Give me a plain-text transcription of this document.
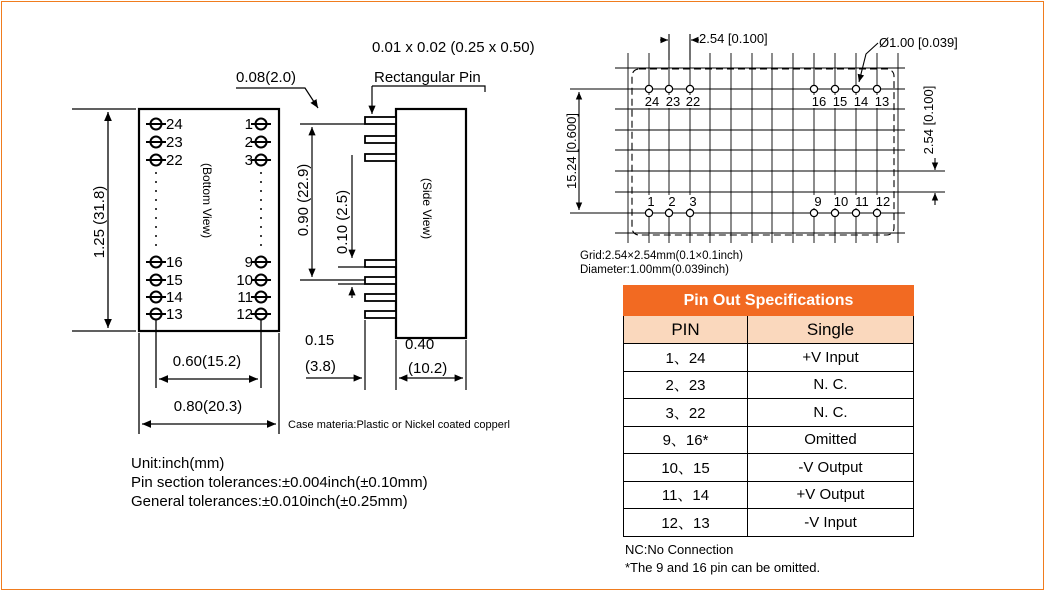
24
23
22
16
15
14
13
1
2
3
9
10
11
12
(Bottom View)
1.25 (31.8)
0.60(15.2)
0.80(20.3)
(Side View)
0.01 x 0.02 (0.25 x 0.50)
Rectangular Pin
0.08(2.0)
0.90 (22.9) 0.10 (2.5)
0.15
(3.8)
0.40
(10.2)
24 23 22	16 15 14 13
1 2 3	9 10 11 12
2.54 [0.100]	Ø1.00 [0.039]
15.24 [0.600]	2.54 [0.100]
Case materia:Plastic or Nickel coated copperl
Unit:inch(mm)
Pin section tolerances:±0.004inch(±0.10mm)
General tolerances:±0.010inch(±0.25mm)
Grid:2.54×2.54mm(0.1×0.1inch)
Diameter:1.00mm(0.039inch)
Pin Out Specifications	
PIN	Single
1、24	+V Input
2、23	N. C.
3、22	N. C.
9、16*	Omitted
10、15	-V Output
11、14	+V Output
12、13	-V Input
NC:No Connection
*The 9 and 16 pin can be omitted.
